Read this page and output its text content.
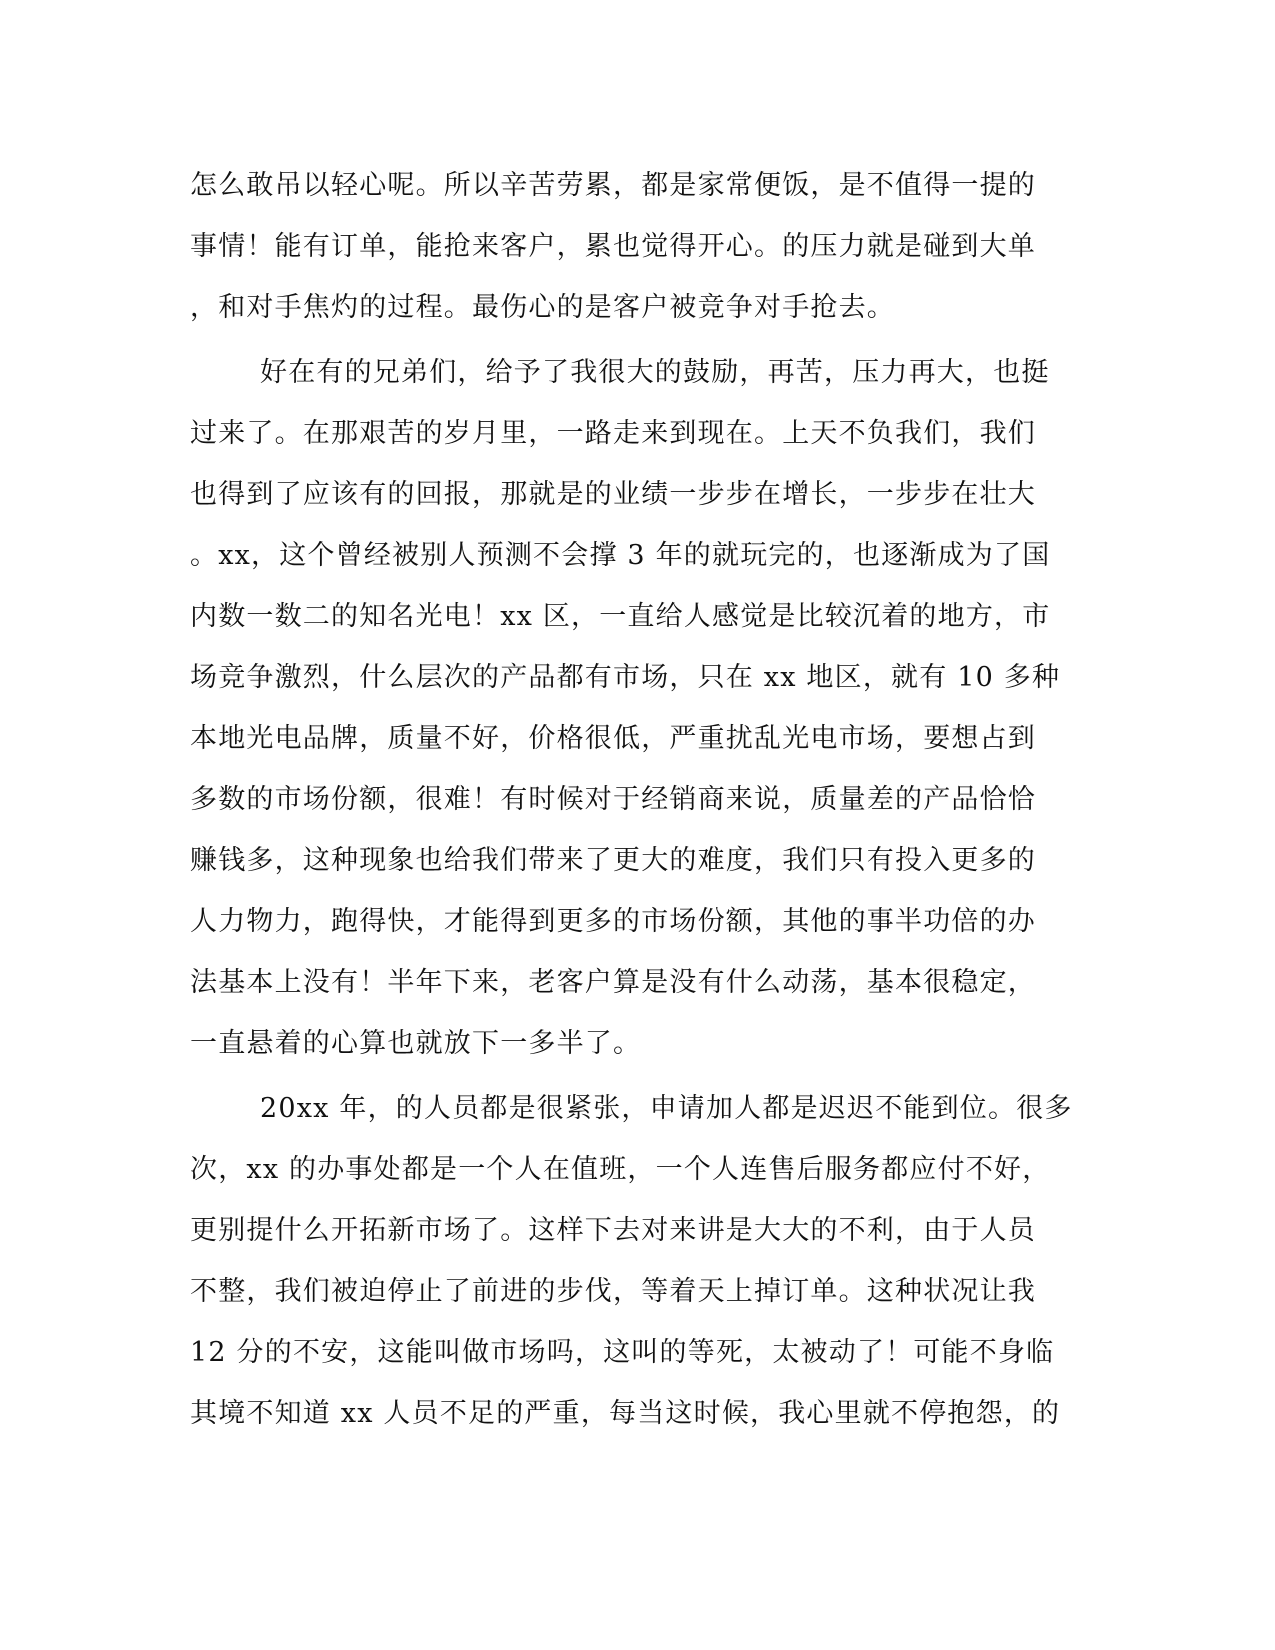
怎么敢吊以轻心呢。所以辛苦劳累，都是家常便饭，是不值得一提的
事情！能有订单，能抢来客户，累也觉得开心。的压力就是碰到大单
，和对手焦灼的过程。最伤心的是客户被竞争对手抢去。
好在有的兄弟们，给予了我很大的鼓励，再苦，压力再大，也挺
过来了。在那艰苦的岁月里，一路走来到现在。上天不负我们，我们
也得到了应该有的回报，那就是的业绩一步步在增长，一步步在壮大
。xx，这个曾经被别人预测不会撑 3 年的就玩完的，也逐渐成为了国
内数一数二的知名光电！xx 区，一直给人感觉是比较沉着的地方，市
场竞争激烈，什么层次的产品都有市场，只在 xx 地区，就有 10 多种
本地光电品牌，质量不好，价格很低，严重扰乱光电市场，要想占到
多数的市场份额，很难！有时候对于经销商来说，质量差的产品恰恰
赚钱多，这种现象也给我们带来了更大的难度，我们只有投入更多的
人力物力，跑得快，才能得到更多的市场份额，其他的事半功倍的办
法基本上没有！半年下来，老客户算是没有什么动荡，基本很稳定，
一直悬着的心算也就放下一多半了。
20xx 年，的人员都是很紧张，申请加人都是迟迟不能到位。很多
次，xx 的办事处都是一个人在值班，一个人连售后服务都应付不好，
更别提什么开拓新市场了。这样下去对来讲是大大的不利，由于人员
不整，我们被迫停止了前进的步伐，等着天上掉订单。这种状况让我
12 分的不安，这能叫做市场吗，这叫的等死，太被动了！可能不身临
其境不知道 xx 人员不足的严重，每当这时候，我心里就不停抱怨，的
